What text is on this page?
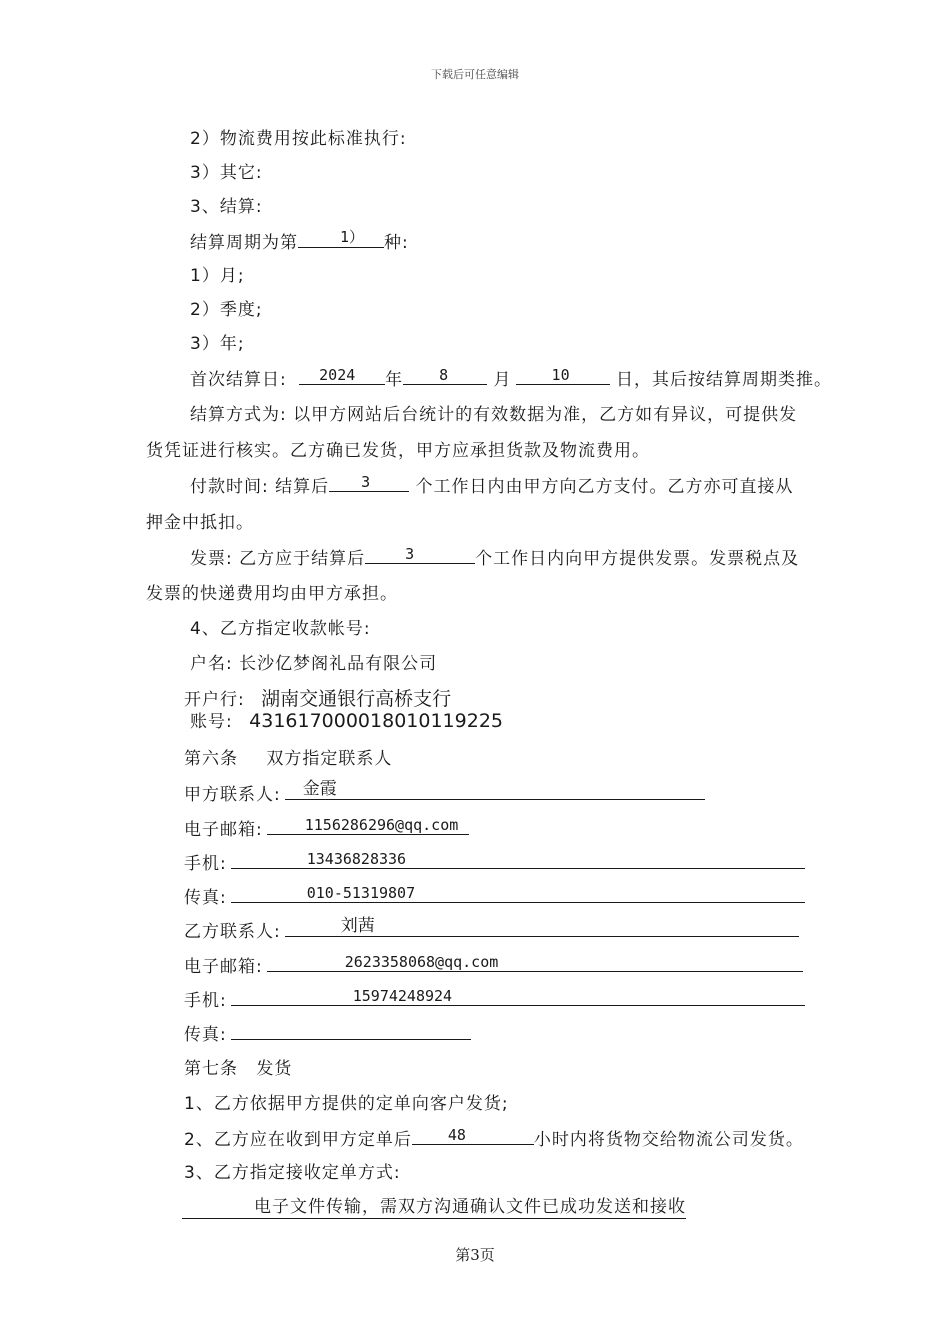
下载后可任意编辑
2）物流费用按此标准执行:
3）其它:
3、结算:
结算周期为第	1） 种:
1）月;
2）季度;
3）年;
首次结算日: 2024 年 8	月	10	日，其后按结算周期类推。
结算方式为: 以甲方网站后台统计的有效数据为准，乙方如有异议，可提供发
货凭证进行核实。乙方确已发货，甲方应承担货款及物流费用。
付款时间: 结算后 3	个工作日内由甲方向乙方支付。乙方亦可直接从
押金中抵扣。
发票: 乙方应于结算后	3	个工作日内向甲方提供发票。发票税点及
发票的快递费用均由甲方承担。
4、乙方指定收款帐号:
户名: 长沙亿梦阁礼品有限公司
开户行: 湖南交通银行高桥支行
账号: 431617000018010119225
第六条 双方指定联系人
甲方联系人: 金霞
电子邮箱:	1156286296@qq.com
手机:	13436828336
传真:	010-51319807
乙方联系人:	刘茜
电子邮箱:	2623358068@qq.com
手机:	15974248924
传真:
第七条 发货
1、乙方依据甲方提供的定单向客户发货;
2、乙方应在收到甲方定单后 48	小时内将货物交给物流公司发货。
3、乙方指定接收定单方式:
电子文件传输，需双方沟通确认文件已成功发送和接收
第3页
